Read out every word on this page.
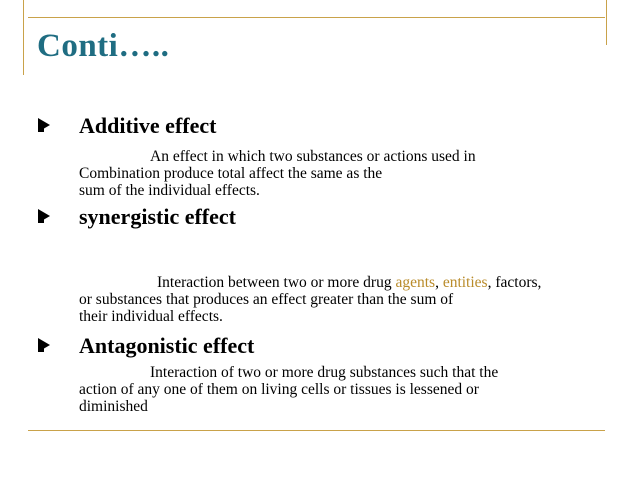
Conti…..
Additive effect
An effect in which two substances or actions used in
Combination produce total affect the same as the
sum of the individual effects.
synergistic effect
Interaction between two or more drug agents, entities, factors,
or substances that produces an effect greater than the sum of
their individual effects.
Antagonistic effect
Interaction of two or more drug substances such that the
action of any one of them on living cells or tissues is lessened or
diminished
